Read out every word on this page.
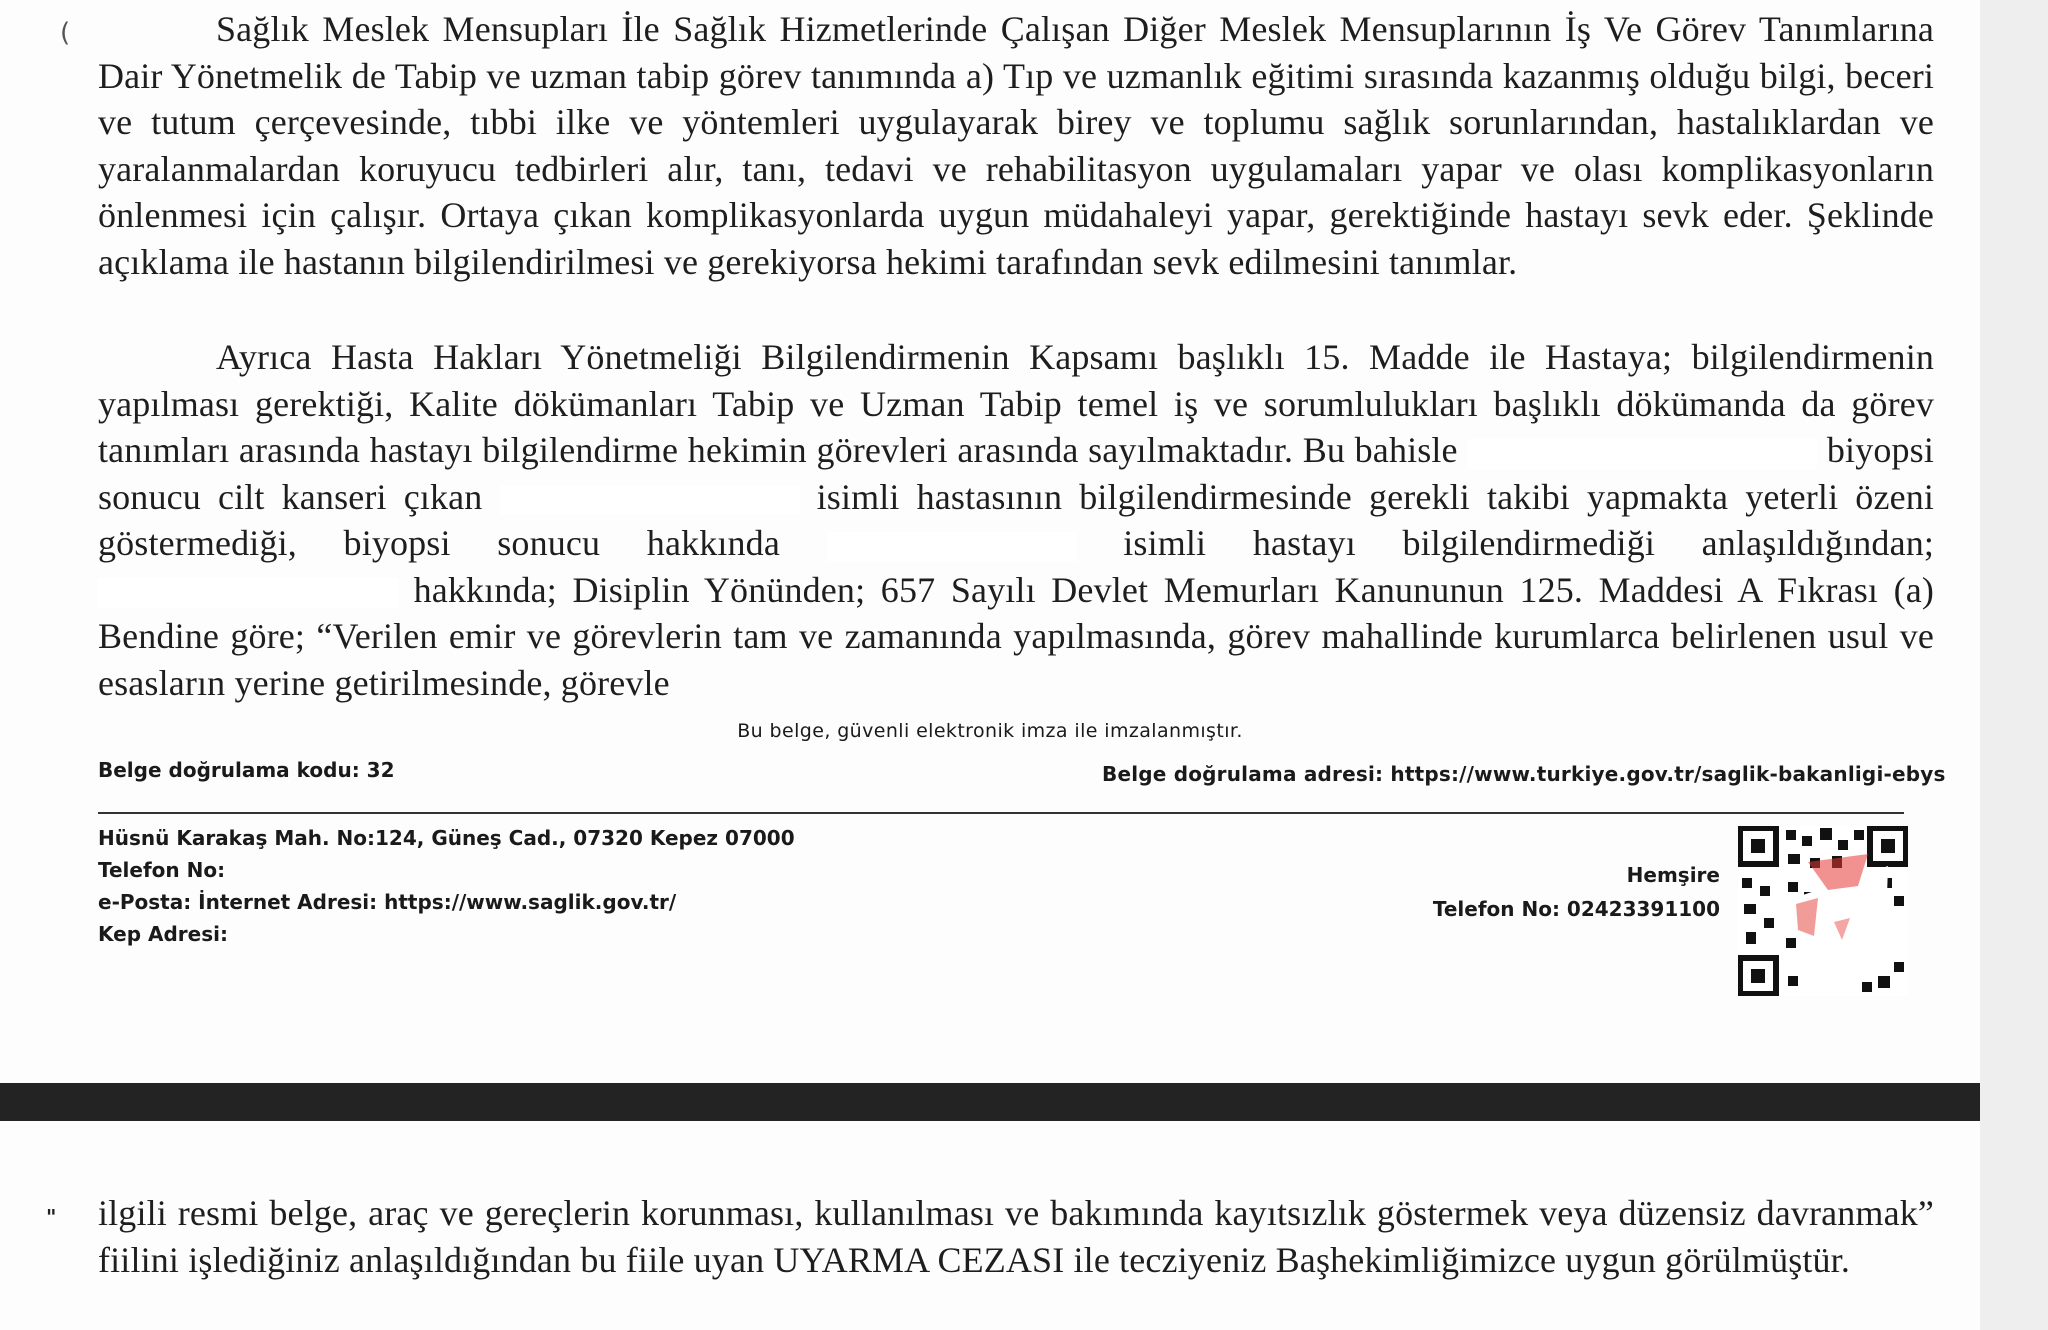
(	Sağlık Meslek Mensupları İle Sağlık Hizmetlerinde Çalışan Diğer Meslek Mensuplarının İş Ve Görev Tanımlarına Dair Yönetmelik de Tabip ve uzman tabip görev tanımında a) Tıp ve uzmanlık eğitimi sırasında kazanmış olduğu bilgi, beceri ve tutum çerçevesinde, tıbbi ilke ve yöntemleri uygulayarak birey ve toplumu sağlık sorunlarından, hastalıklardan ve yaralanmalardan koruyucu tedbirleri alır, tanı, tedavi ve rehabilitasyon uygulamaları yapar ve olası komplikasyonların önlenmesi için çalışır. Ortaya çıkan komplikasyonlarda uygun müdahaleyi yapar, gerektiğinde hastayı sevk eder. Şeklinde açıklama ile hastanın bilgilendirilmesi ve gerekiyorsa hekimi tarafından sevk edilmesini tanımlar.
Ayrıca Hasta Hakları Yönetmeliği Bilgilendirmenin Kapsamı başlıklı 15. Madde ile Hastaya; bilgilendirmenin yapılması gerektiği, Kalite dökümanları Tabip ve Uzman Tabip temel iş ve sorumlulukları başlıklı dökümanda da görev tanımları arasında hastayı bilgilendirme hekimin görevleri arasında sayılmaktadır. Bu bahisle	biyopsi sonucu cilt kanseri çıkan	isimli hastasının bilgilendirmesinde gerekli takibi yapmakta yeterli özeni göstermediği, biyopsi sonucu hakkında	isimli hastayı bilgilendirmediği anlaşıldığından;  hakkında; Disiplin Yönünden; 657 Sayılı Devlet Memurları Kanununun 125. Maddesi A Fıkrası (a) Bendine göre; “Verilen emir ve görevlerin tam ve zamanında yapılmasında, görev mahallinde kurumlarca belirlenen usul ve esasların yerine getirilmesinde, görevle
Bu belge, güvenli elektronik imza ile imzalanmıştır.
Belge doğrulama kodu: 32	Belge doğrulama adresi: https://www.turkiye.gov.tr/saglik-bakanligi-ebys
Hüsnü Karakaş Mah. No:124, Güneş Cad., 07320 Kepez 07000
Telefon No:
e-Posta: İnternet Adresi: https://www.saglik.gov.tr/
Kep Adresi:
Hemşire
Telefon No: 02423391100
" ilgili resmi belge, araç ve gereçlerin korunması, kullanılması ve bakımında kayıtsızlık göstermek veya düzensiz davranmak” fiilini işlediğiniz anlaşıldığından bu fiile uyan UYARMA CEZASI ile tecziyeniz Başhekimliğimizce uygun görülmüştür.
